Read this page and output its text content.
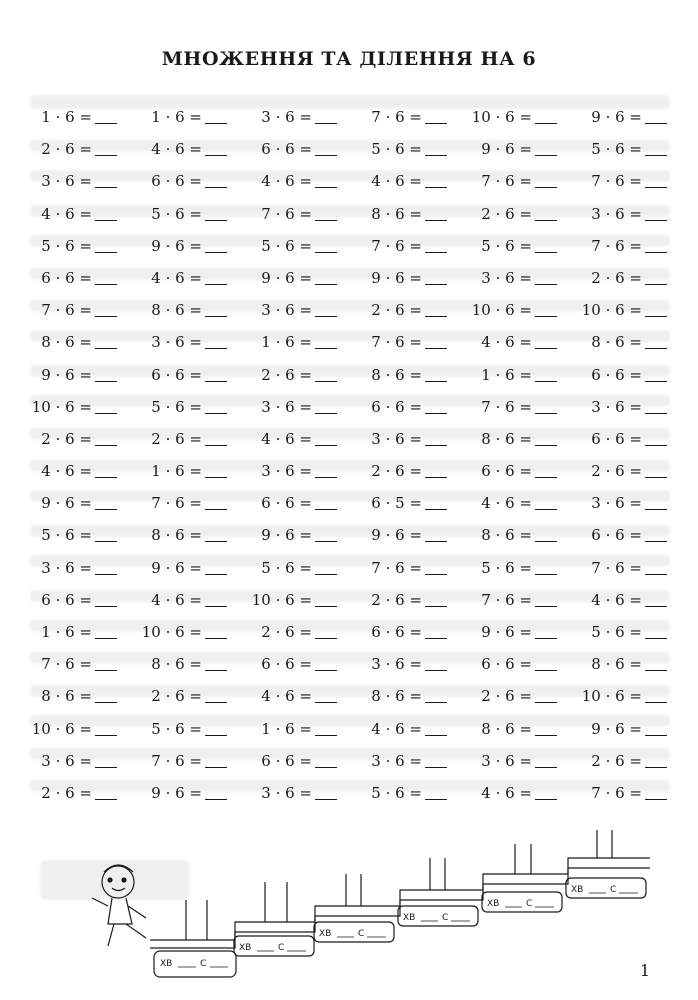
МНОЖЕННЯ ТА ДІЛЕННЯ НА 6
1 · 6 =	1 · 6 =	3 · 6 =	7 · 6 =	10 · 6 =	9 · 6 =
2 · 6 =	4 · 6 =	6 · 6 =	5 · 6 =	9 · 6 =	5 · 6 =
3 · 6 =	6 · 6 =	4 · 6 =	4 · 6 =	7 · 6 =	7 · 6 =
4 · 6 =	5 · 6 =	7 · 6 =	8 · 6 =	2 · 6 =	3 · 6 =
5 · 6 =	9 · 6 =	5 · 6 =	7 · 6 =	5 · 6 =	7 · 6 =
6 · 6 =	4 · 6 =	9 · 6 =	9 · 6 =	3 · 6 =	2 · 6 =
7 · 6 =	8 · 6 =	3 · 6 =	2 · 6 =	10 · 6 =	10 · 6 =
8 · 6 =	3 · 6 =	1 · 6 =	7 · 6 =	4 · 6 =	8 · 6 =
9 · 6 =	6 · 6 =	2 · 6 =	8 · 6 =	1 · 6 =	6 · 6 =
10 · 6 =	5 · 6 =	3 · 6 =	6 · 6 =	7 · 6 =	3 · 6 =
2 · 6 =	2 · 6 =	4 · 6 =	3 · 6 =	8 · 6 =	6 · 6 =
4 · 6 =	1 · 6 =	3 · 6 =	2 · 6 =	6 · 6 =	2 · 6 =
9 · 6 =	7 · 6 =	6 · 6 =	6 · 5 =	4 · 6 =	3 · 6 =
5 · 6 =	8 · 6 =	9 · 6 =	9 · 6 =	8 · 6 =	6 · 6 =
3 · 6 =	9 · 6 =	5 · 6 =	7 · 6 =	5 · 6 =	7 · 6 =
6 · 6 =	4 · 6 =	10 · 6 =	2 · 6 =	7 · 6 =	4 · 6 =
1 · 6 =	10 · 6 =	2 · 6 =	6 · 6 =	9 · 6 =	5 · 6 =
7 · 6 =	8 · 6 =	6 · 6 =	3 · 6 =	6 · 6 =	8 · 6 =
8 · 6 =	2 · 6 =	4 · 6 =	8 · 6 =	2 · 6 =	10 · 6 =
10 · 6 =	5 · 6 =	1 · 6 =	4 · 6 =	8 · 6 =	9 · 6 =
3 · 6 =	7 · 6 =	6 · 6 =	3 · 6 =	3 · 6 =	2 · 6 =
2 · 6 =	9 · 6 =	3 · 6 =	5 · 6 =	4 · 6 =	7 · 6 =
ХВ	С
ХВ	С
ХВ	С
ХВ	С
ХВ	С
ХВ	С
1
